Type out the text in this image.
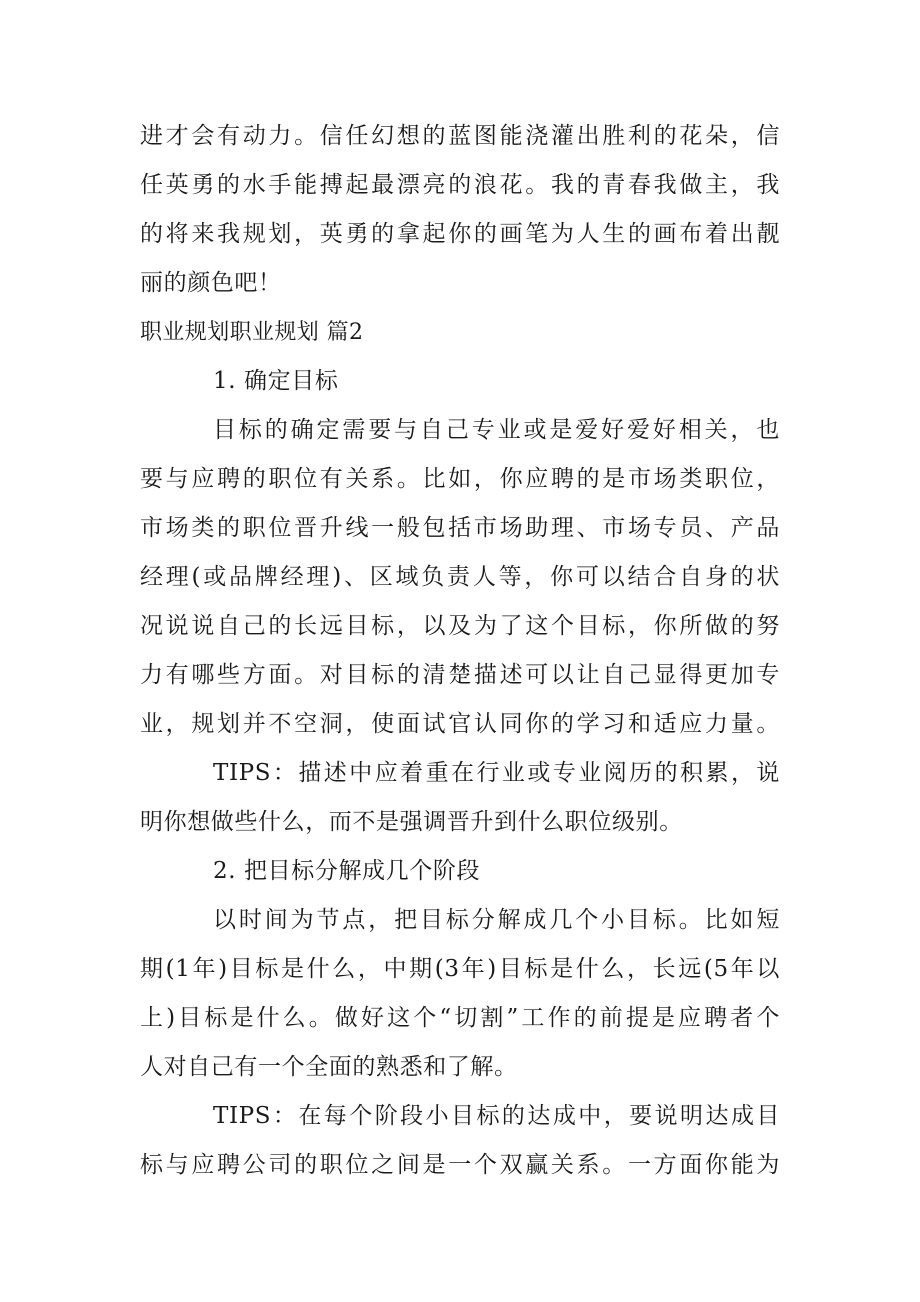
进才会有动力。信任幻想的蓝图能浇灌出胜利的花朵，信
任英勇的水手能搏起最漂亮的浪花。我的青春我做主，我
的将来我规划，英勇的拿起你的画笔为人生的画布着出靓
丽的颜色吧！
职业规划职业规划 篇2
1. 确定目标
目标的确定需要与自己专业或是爱好爱好相关，也
要与应聘的职位有关系。比如，你应聘的是市场类职位，
市场类的职位晋升线一般包括市场助理、市场专员、产品
经理(或品牌经理)、区域负责人等，你可以结合自身的状
况说说自己的长远目标，以及为了这个目标，你所做的努
力有哪些方面。对目标的清楚描述可以让自己显得更加专
业，规划并不空洞，使面试官认同你的学习和适应力量。
TIPS：描述中应着重在行业或专业阅历的积累，说
明你想做些什么，而不是强调晋升到什么职位级别。
2. 把目标分解成几个阶段
以时间为节点，把目标分解成几个小目标。比如短
期(1年)目标是什么，中期(3年)目标是什么，长远(5年以
上)目标是什么。做好这个“切割”工作的前提是应聘者个
人对自己有一个全面的熟悉和了解。
TIPS：在每个阶段小目标的达成中，要说明达成目
标与应聘公司的职位之间是一个双赢关系。一方面你能为
